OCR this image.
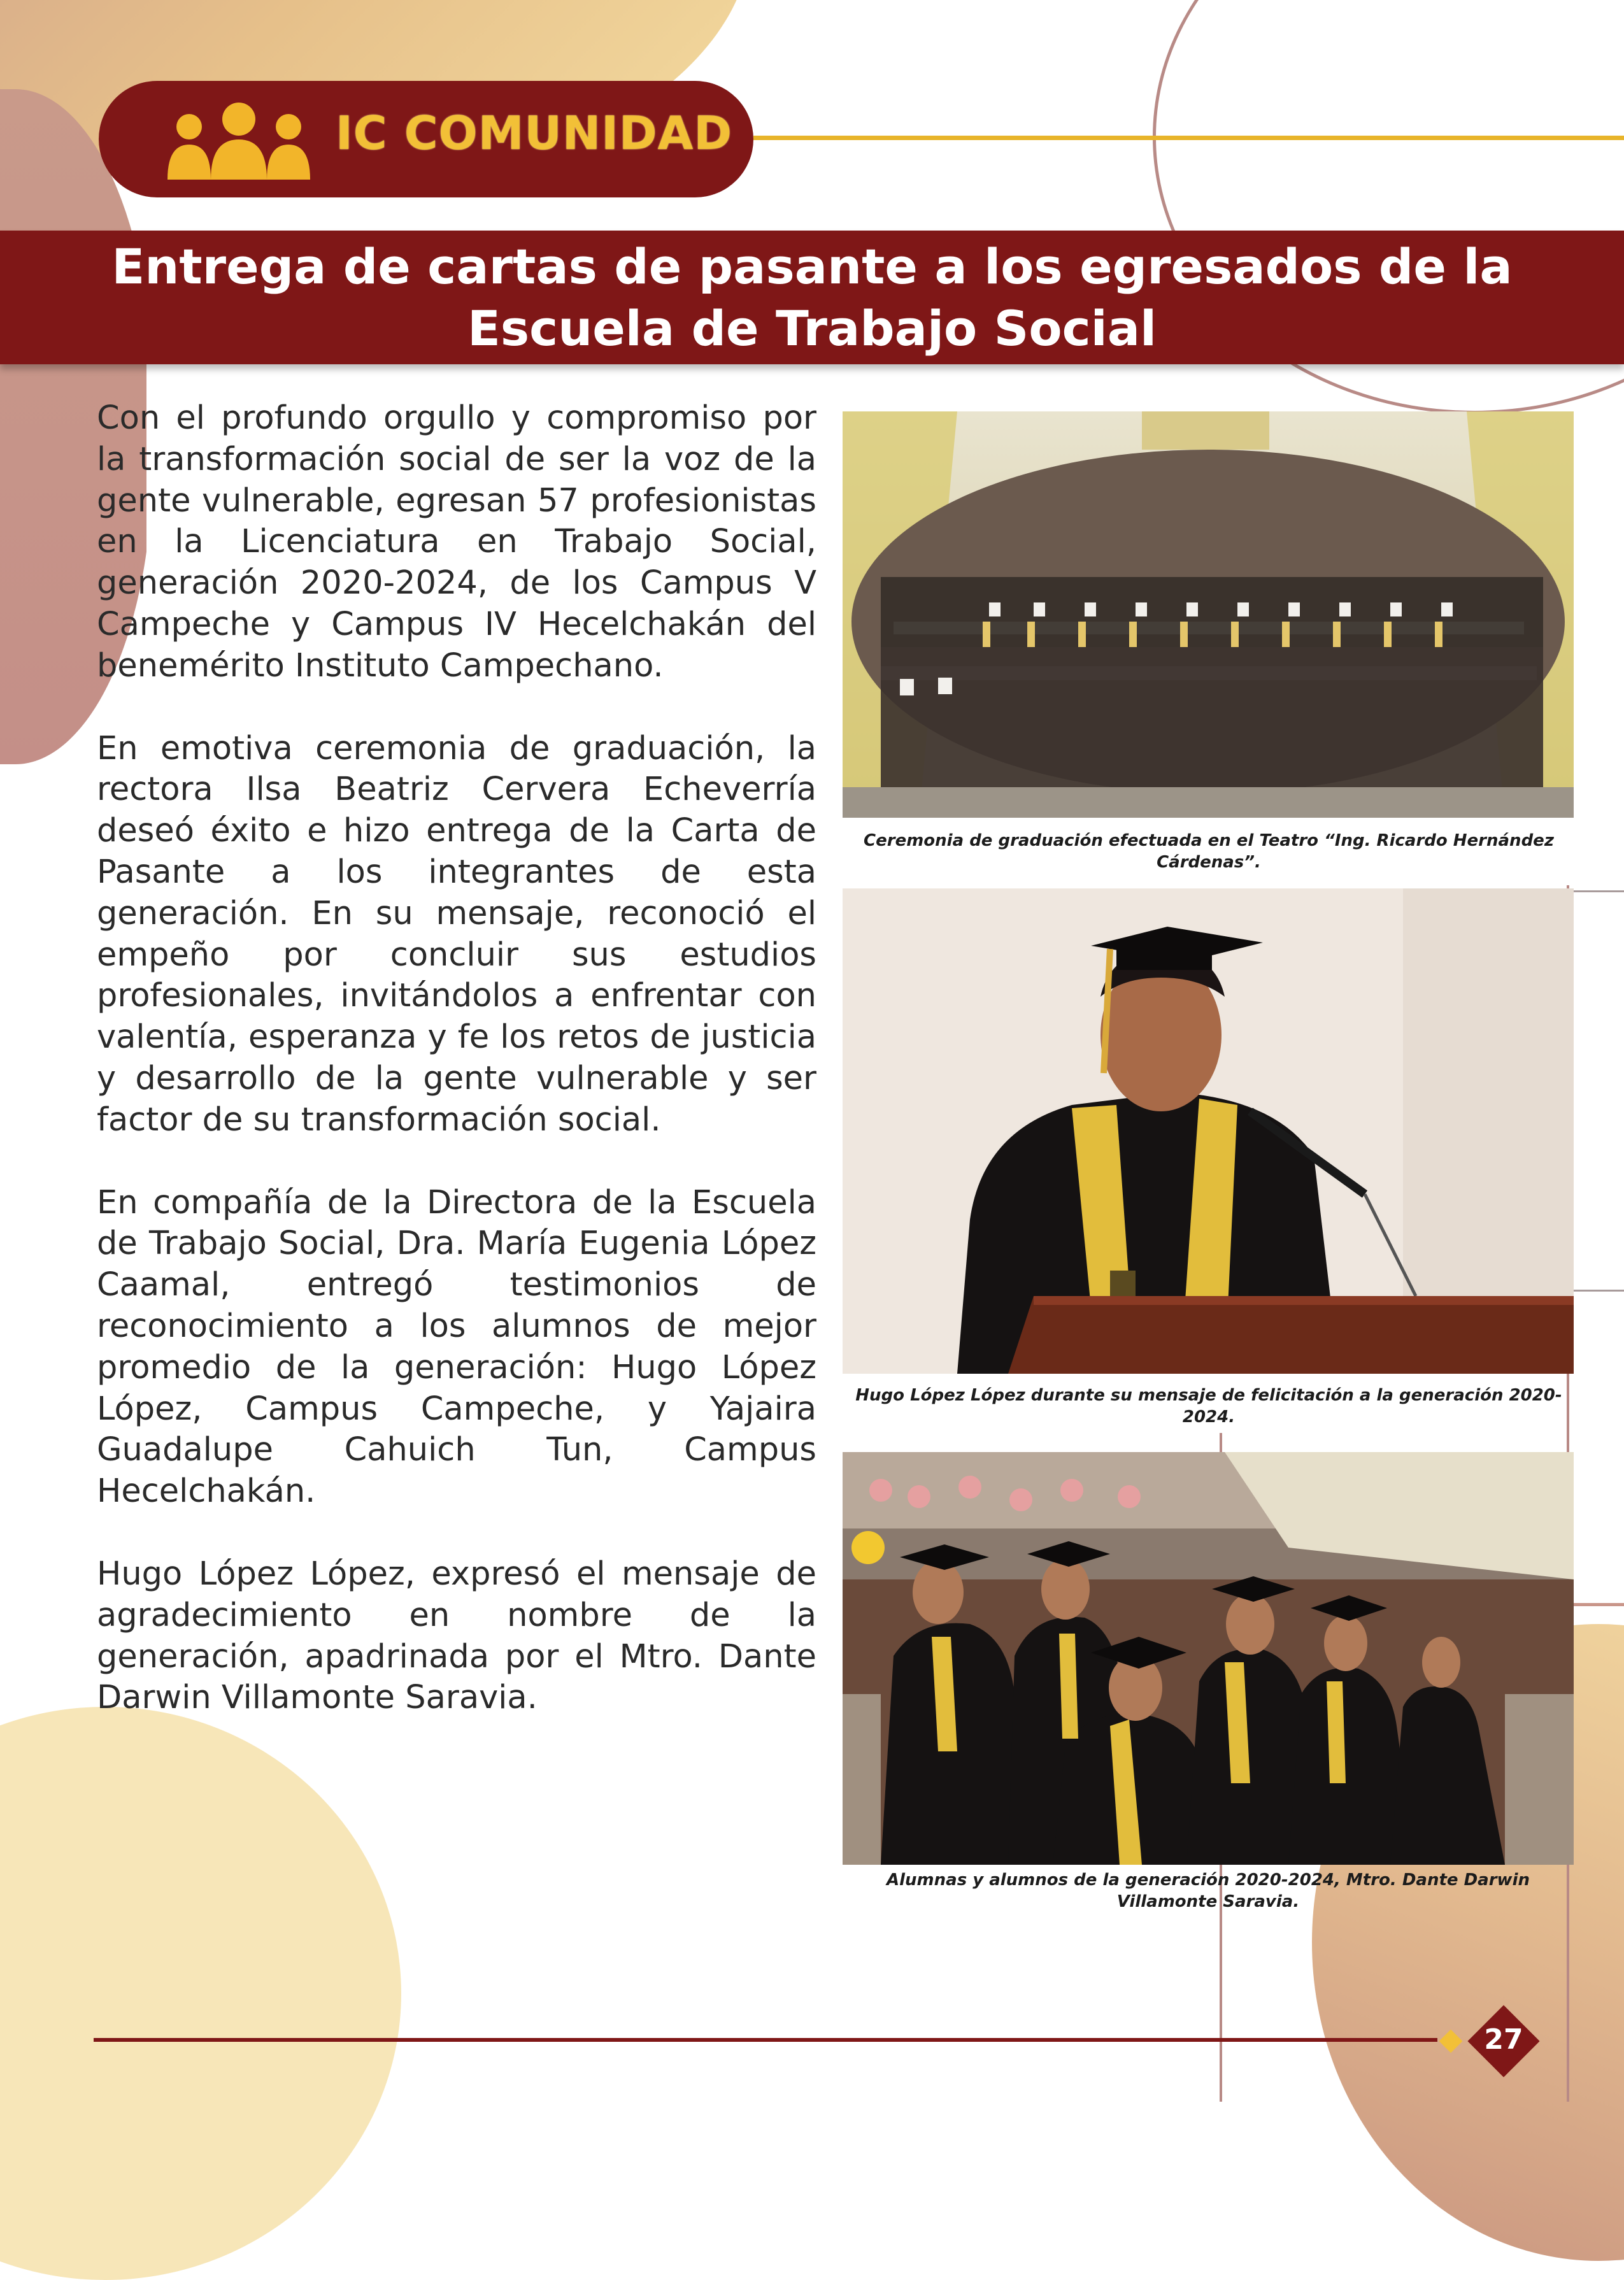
IC COMUNIDAD
Entrega de cartas de pasante a los egresados de la
Escuela de Trabajo Social

Con el profundo orgullo y compromiso por la transformación social de ser la voz de la gente vulnerable, egresan 57 profesionistas en la Licenciatura en Trabajo Social, generación 2020-2024, de los Campus V Campeche y Campus IV Hecelchakán del benemérito Instituto Campechano.

En emotiva ceremonia de graduación, la rectora Ilsa Beatriz Cervera Echeverría deseó éxito e hizo entrega de la Carta de Pasante a los integrantes de esta generación. En su mensaje, reconoció el empeño por concluir sus estudios profesionales, invitándolos a enfrentar con valentía, esperanza y fe los retos de justicia y desarrollo de la gente vulnerable y ser factor de su transformación social.

En compañía de la Directora de la Escuela de Trabajo Social, Dra. María Eugenia López Caamal, entregó testimonios de reconocimiento a los alumnos de mejor promedio de la generación: Hugo López López, Campus Campeche, y Yajaira Guadalupe Cahuich Tun, Campus Hecelchakán.

Hugo López López, expresó el mensaje de agradecimiento en nombre de la generación, apadrinada por el Mtro. Dante Darwin Villamonte Saravia.

Ceremonia de graduación efectuada en el Teatro “Ing. Ricardo Hernández Cárdenas”.
Hugo López López durante su mensaje de felicitación a la generación 2020-2024.
Alumnas y alumnos de la generación 2020-2024, Mtro. Dante Darwin Villamonte Saravia.
27
